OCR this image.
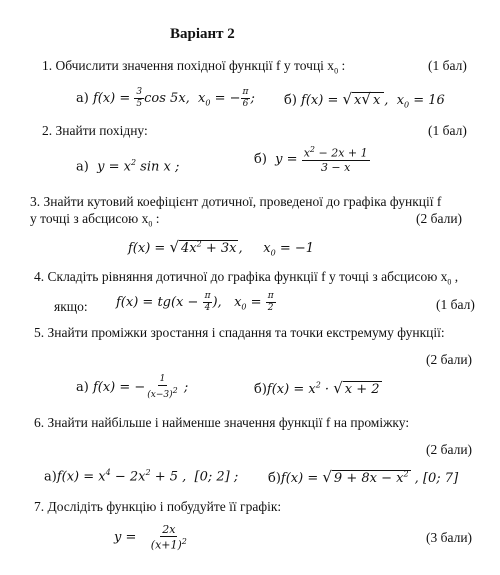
Варіант 2
1. Обчислити значення похідної функції f у точці $x_0$ :	(1 бал)
а) $f(x) = \frac{3}{5}$ cos 5x,  $x_0$ = − $\frac{\pi}{6}$ ; б) f(x) = √ x√ x ,  $x_0 = 16$
2. Знайти похідну:	(1 бал)
а)  $y = x^2$ sin x ;	б)  $y = \frac{x^2 - 2x + 1}{3 - x}$
3. Знайти кутовий коефіцієнт дотичної, проведеної до графіка функції f
у точці з абсцисою $x_0$ :	(2 бали)
f(x) = √ $4x^2 + 3x$ ,     $x_0 = -1$
4. Складіть рівняння дотичної до графіка функції f у точці з абсцисою $x_0$ ,
якщо: $f(x) = tg(x - \frac{\pi}{4}$ ),   $x_0 = \frac{\pi}{2}$	(1 бал)
5. Знайти проміжки зростання і спадання та точки екстремуму функції:
(2 бали)
а) f(x) = − $\frac{1}{(x-3)^2}$ ;	$б)f(x) = x^2$ · √ x + 2
6. Знайти найбільше і найменше значення функції f на проміжку:
(2 бали)
$а)f(x) = x^4 - 2x^2 + 5$ ,  [0; 2] ; б)f(x) = √ $9 + 8x - x^2$ , [0; 7]
7. Дослідіть функцію і побудуйте її графік:
$y = \frac{2x}{(x+1)^2}$	(3 бали)
